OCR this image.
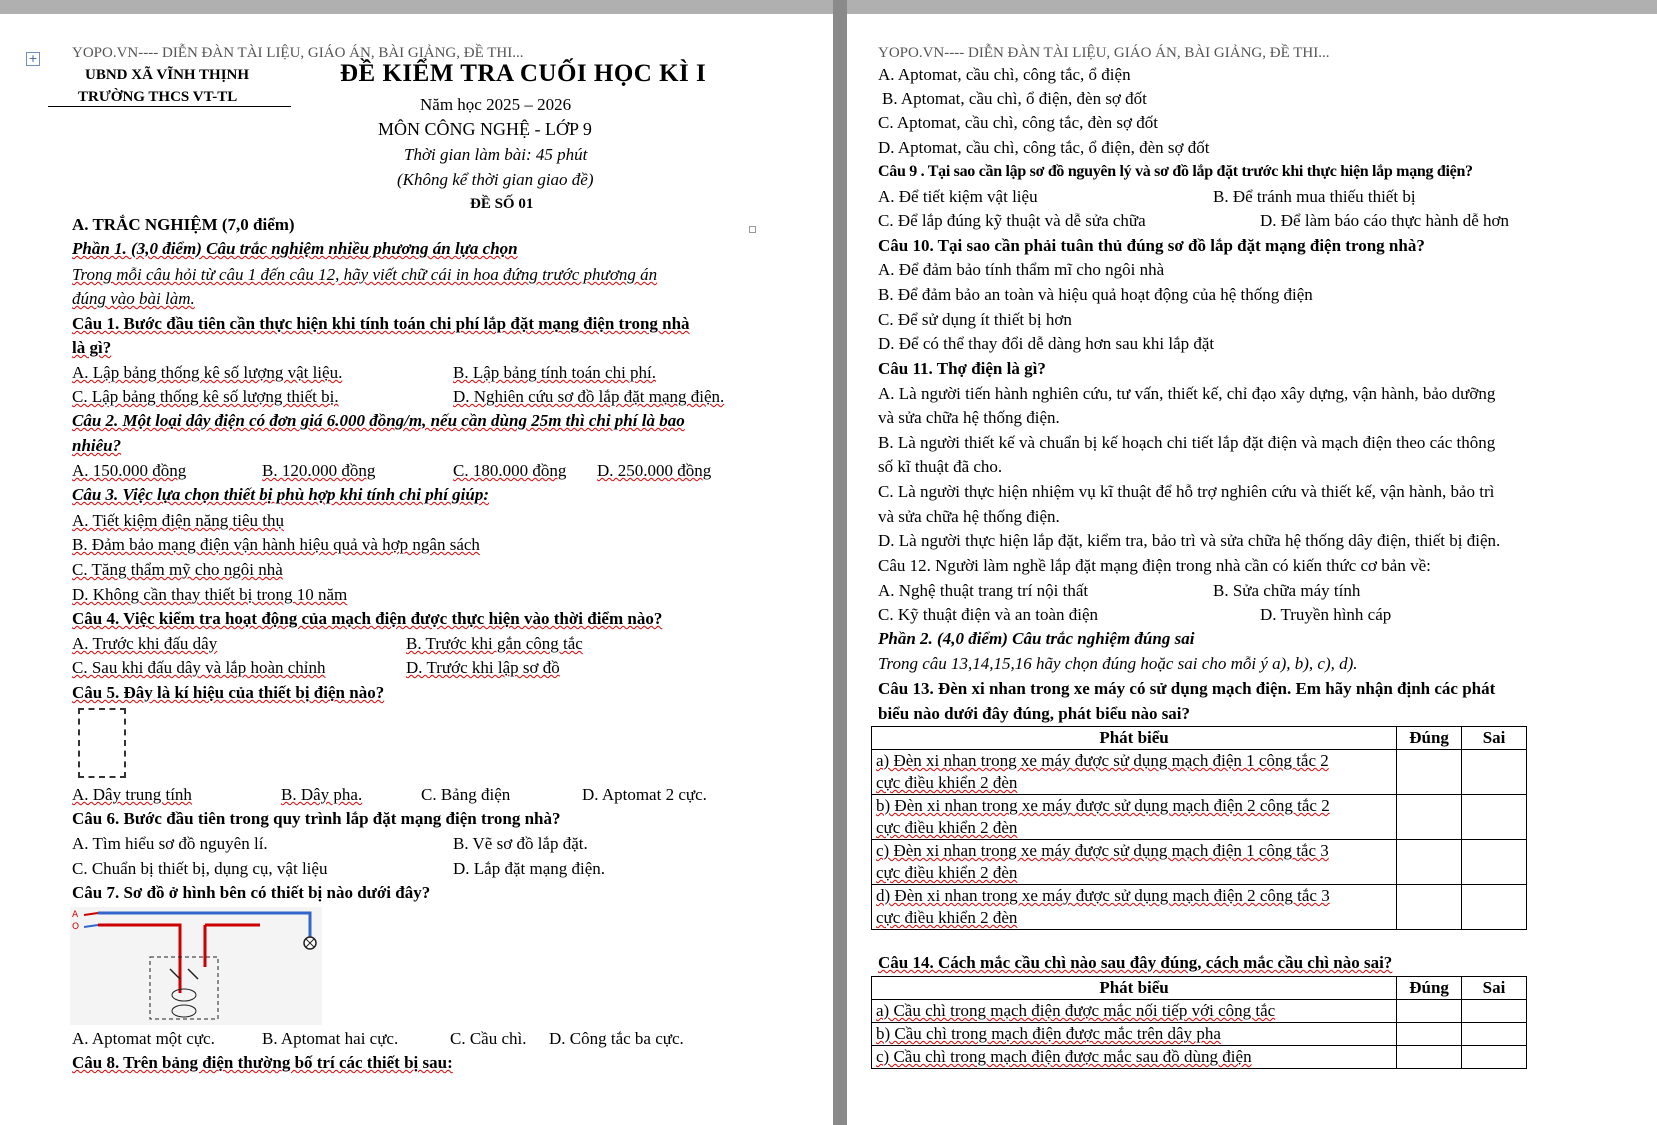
+ YOPO.VN---- DIỄN ĐÀN TÀI LIỆU, GIÁO ÁN, BÀI GIẢNG, ĐỀ THI...
UBND XÃ VĨNH THỊNH
TRƯỜNG THCS VT-TL
ĐỀ KIỂM TRA CUỐI HỌC KÌ I
Năm học 2025 – 2026
MÔN CÔNG NGHỆ - LỚP 9
Thời gian làm bài: 45 phút
(Không kể thời gian giao đề)
ĐỀ SỐ 01
A. TRẮC NGHIỆM (7,0 điểm)
Phần 1. (3,0 điểm) Câu trắc nghiệm nhiều phương án lựa chọn
Trong mỗi câu hỏi từ câu 1 đến câu 12, hãy viết chữ cái in hoa đứng trước phương án
đúng vào bài làm.
Câu 1. Bước đầu tiên cần thực hiện khi tính toán chi phí lắp đặt mạng điện trong nhà
là gì?
A. Lập bảng thống kê số lượng vật liệu.	B. Lập bảng tính toán chi phí.
C. Lập bảng thống kê số lượng thiết bị.	D. Nghiên cứu sơ đồ lắp đặt mạng điện.
Câu 2. Một loại dây điện có đơn giá 6.000 đồng/m, nếu cần dùng 25m thì chi phí là bao
nhiêu?
A. 150.000 đồng	B. 120.000 đồng	C. 180.000 đồng D. 250.000 đồng
Câu 3. Việc lựa chọn thiết bị phù hợp khi tính chi phí giúp:
A. Tiết kiệm điện năng tiêu thụ
B. Đảm bảo mạng điện vận hành hiệu quả và hợp ngân sách
C. Tăng thẩm mỹ cho ngôi nhà
D. Không cần thay thiết bị trong 10 năm
Câu 4. Việc kiểm tra hoạt động của mạch điện được thực hiện vào thời điểm nào?
A. Trước khi đấu dây	B. Trước khi gắn công tắc
C. Sau khi đấu dây và lắp hoàn chỉnh	D. Trước khi lập sơ đồ
Câu 5. Đây là kí hiệu của thiết bị điện nào?
A. Dây trung tính	B. Dây pha.	C. Bảng điện	D. Aptomat 2 cực.
Câu 6. Bước đầu tiên trong quy trình lắp đặt mạng điện trong nhà?
A. Tìm hiểu sơ đồ nguyên lí.	B. Vẽ sơ đồ lắp đặt.
C. Chuẩn bị thiết bị, dụng cụ, vật liệu	D. Lắp đặt mạng điện.
Câu 7. Sơ đồ ở hình bên có thiết bị nào dưới đây?
A
O
A. Aptomat một cực.	B. Aptomat hai cực.	C. Cầu chì. D. Công tắc ba cực.
Câu 8. Trên bảng điện thường bố trí các thiết bị sau:
YOPO.VN---- DIỄN ĐÀN TÀI LIỆU, GIÁO ÁN, BÀI GIẢNG, ĐỀ THI...
A. Aptomat, cầu chì, công tắc, ổ điện
B. Aptomat, cầu chì, ổ điện, đèn sợ đốt
C. Aptomat, cầu chì, công tắc, đèn sợ đốt
D. Aptomat, cầu chì, công tắc, ổ điện, đèn sợ đốt
Câu 9 . Tại sao cần lập sơ đồ nguyên lý và sơ đồ lắp đặt trước khi thực hiện lắp mạng điện?
A. Để tiết kiệm vật liệu	B. Để tránh mua thiếu thiết bị
C. Để lắp đúng kỹ thuật và dễ sửa chữa	D. Để làm báo cáo thực hành dễ hơn
Câu 10. Tại sao cần phải tuân thủ đúng sơ đồ lắp đặt mạng điện trong nhà?
A. Để đảm bảo tính thẩm mĩ cho ngôi nhà
B. Để đảm bảo an toàn và hiệu quả hoạt động của hệ thống điện
C. Để sử dụng ít thiết bị hơn
D. Để có thể thay đổi dễ dàng hơn sau khi lắp đặt
Câu 11. Thợ điện là gì?
A. Là người tiến hành nghiên cứu, tư vấn, thiết kế, chỉ đạo xây dựng, vận hành, bảo dưỡng
và sửa chữa hệ thống điện.
B. Là người thiết kế và chuẩn bị kế hoạch chi tiết lắp đặt điện và mạch điện theo các thông
số kĩ thuật đã cho.
C. Là người thực hiện nhiệm vụ kĩ thuật để hỗ trợ nghiên cứu và thiết kế, vận hành, bảo trì
và sửa chữa hệ thống điện.
D. Là người thực hiện lắp đặt, kiểm tra, bảo trì và sửa chữa hệ thống dây điện, thiết bị điện.
Câu 12. Người làm nghề lắp đặt mạng điện trong nhà cần có kiến thức cơ bản về:
A. Nghệ thuật trang trí nội thất	B. Sửa chữa máy tính
C. Kỹ thuật điện và an toàn điện	D. Truyền hình cáp
Phần 2. (4,0 điểm) Câu trắc nghiệm đúng sai
Trong câu 13,14,15,16 hãy chọn đúng hoặc sai cho mỗi ý a), b), c), d).
Câu 13. Đèn xi nhan trong xe máy có sử dụng mạch điện. Em hãy nhận định các phát
biểu nào dưới đây đúng, phát biểu nào sai?
Phát biểu	Đúng	Sai
a) Đèn xi nhan trong xe máy được sử dụng mạch điện 1 công tắc 2
cực điều khiển 2 đèn		
b) Đèn xi nhan trong xe máy được sử dụng mạch điện 2 công tắc 2
cực điều khiển 2 đèn		
c) Đèn xi nhan trong xe máy được sử dụng mạch điện 1 công tắc 3
cực điều khiển 2 đèn		
d) Đèn xi nhan trong xe máy được sử dụng mạch điện 2 công tắc 3
cực điều khiển 2 đèn		
Câu 14. Cách mắc cầu chì nào sau đây đúng, cách mắc cầu chì nào sai?
Phát biểu	Đúng	Sai
a) Cầu chì trong mạch điện được mắc nối tiếp với công tắc		
b) Cầu chì trong mạch điện được mắc trên dây pha		
c) Cầu chì trong mạch điện được mắc sau đồ dùng điện		
